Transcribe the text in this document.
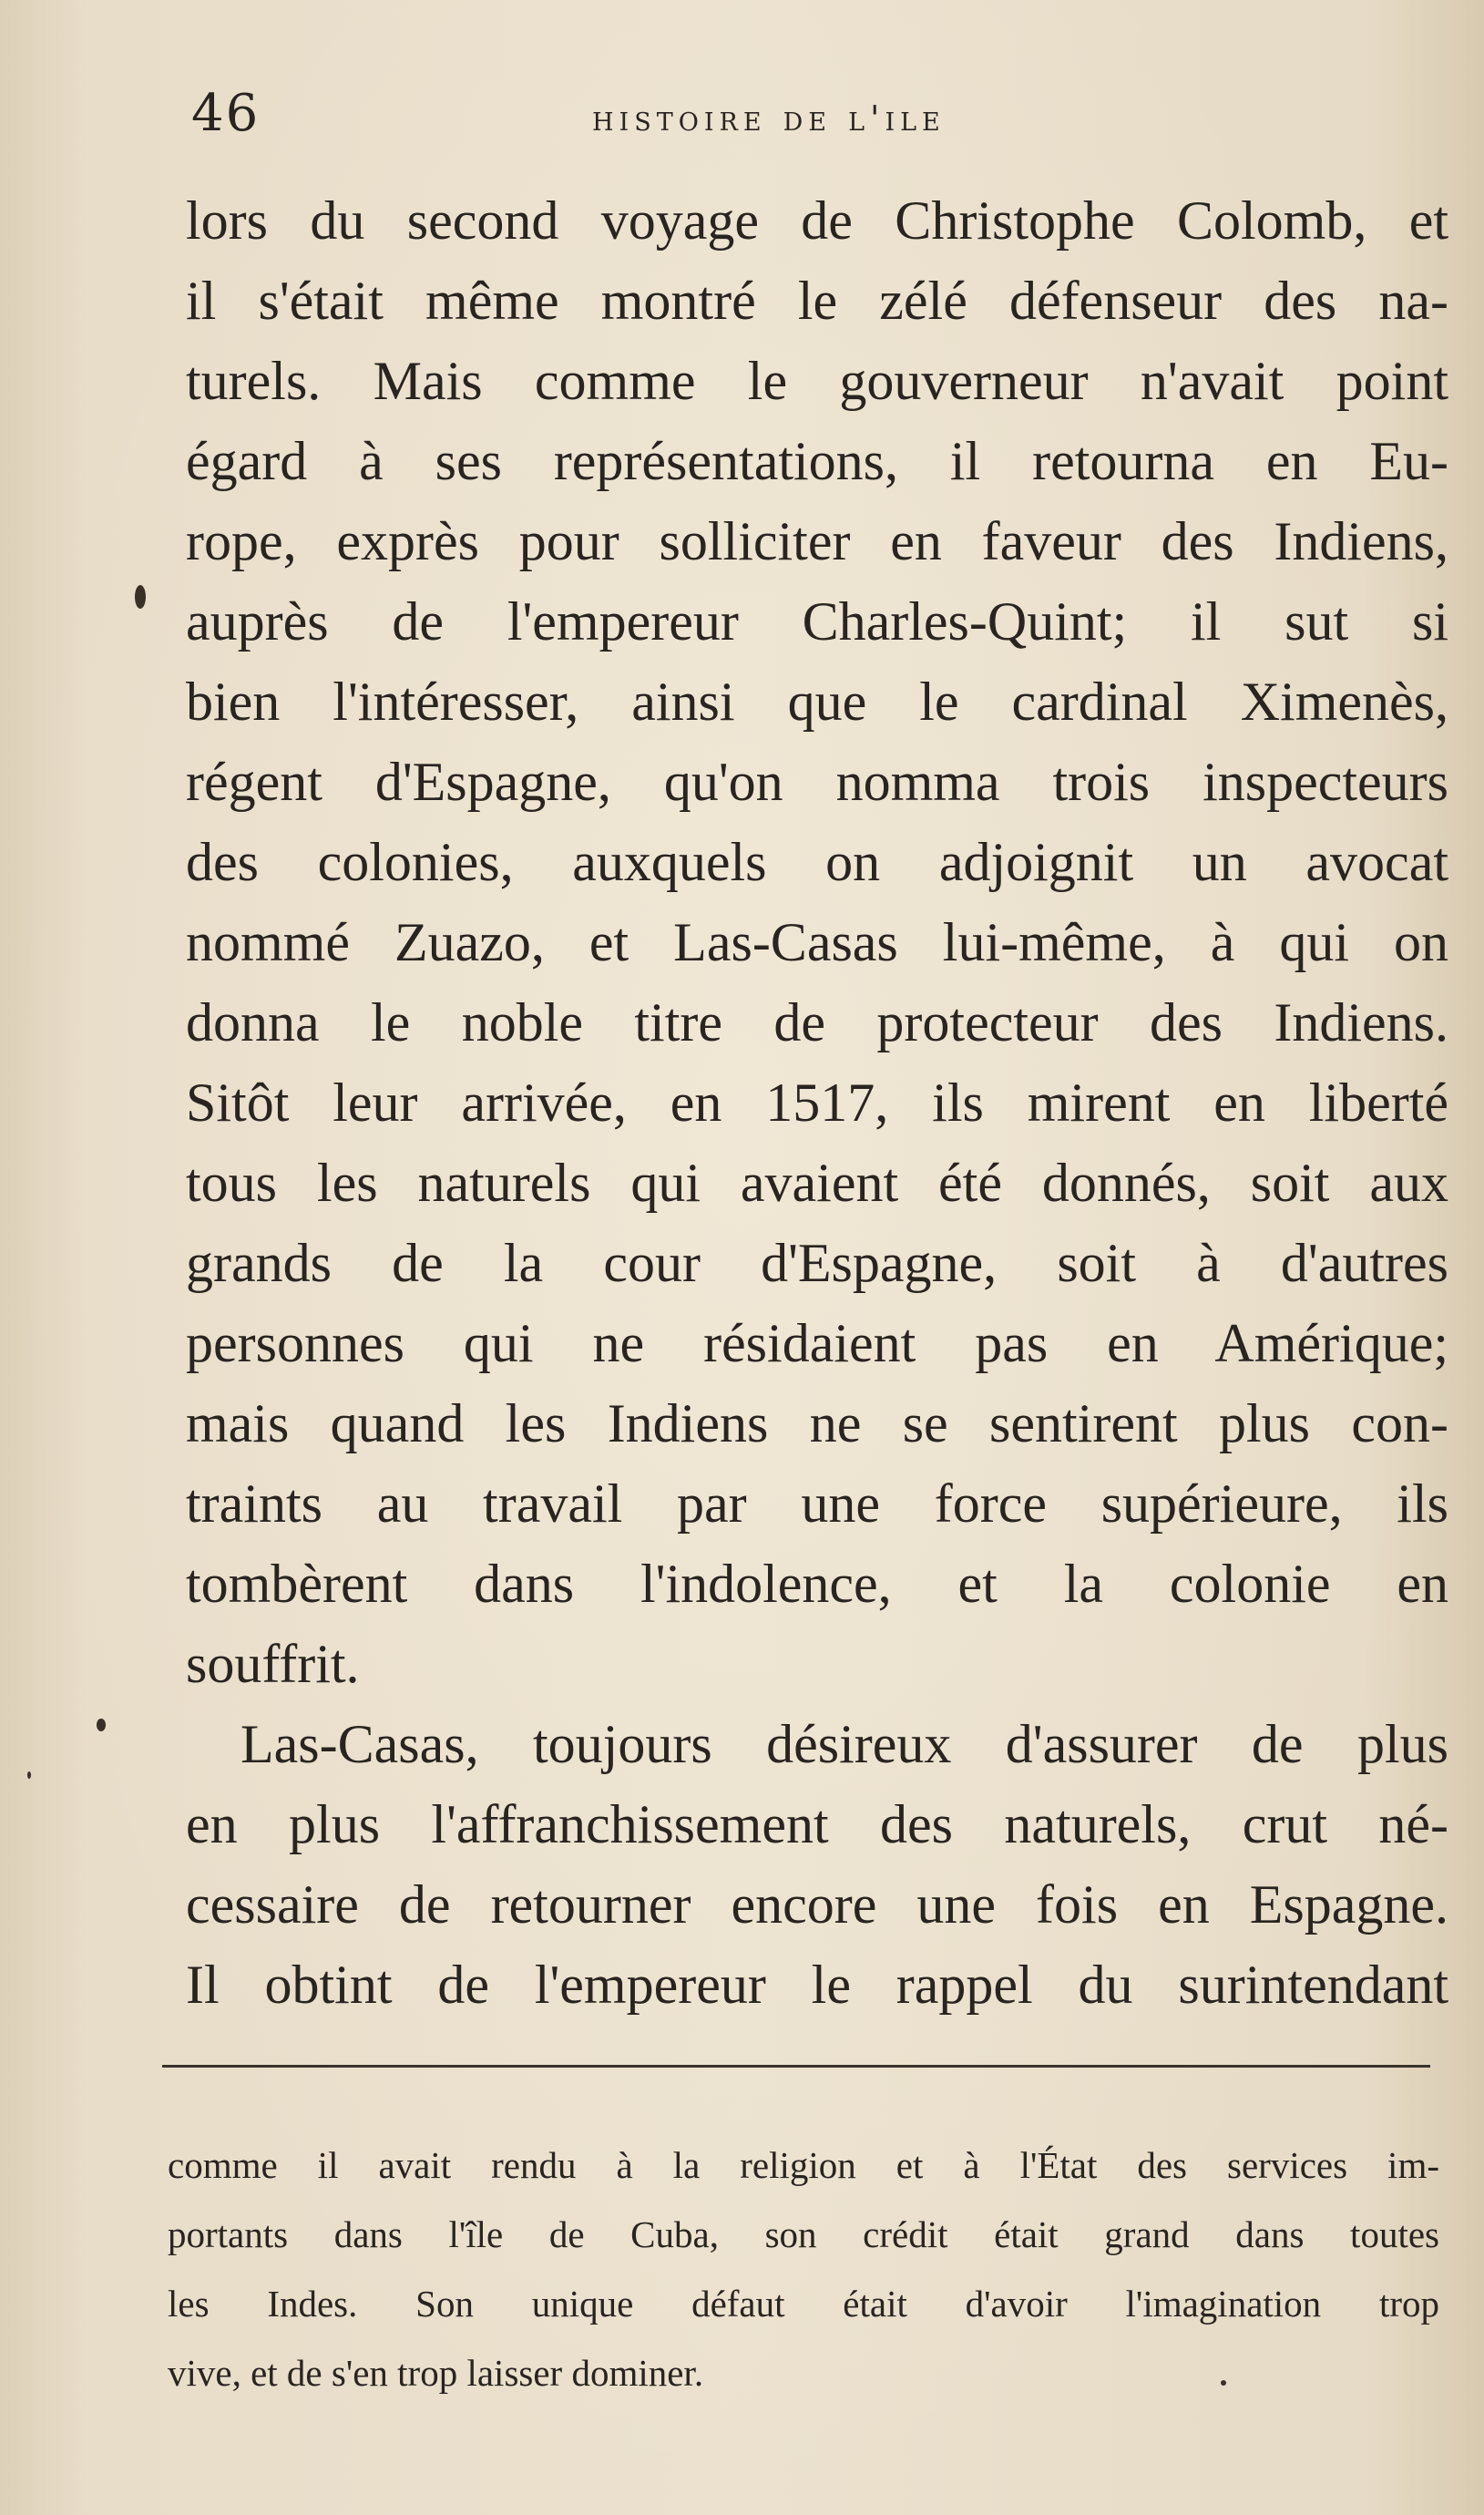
46	histoire de l'ile
lors du second voyage de Christophe Colomb, et
il s'était même montré le zélé défenseur des na-
turels. Mais comme le gouverneur n'avait point
égard à ses représentations, il retourna en Eu-
rope, exprès pour solliciter en faveur des Indiens,
auprès de l'empereur Charles-Quint; il sut si
bien l'intéresser, ainsi que le cardinal Ximenès,
régent d'Espagne, qu'on nomma trois inspecteurs
des colonies, auxquels on adjoignit un avocat
nommé Zuazo, et Las-Casas lui-même, à qui on
donna le noble titre de protecteur des Indiens.
Sitôt leur arrivée, en 1517, ils mirent en liberté
tous les naturels qui avaient été donnés, soit aux
grands de la cour d'Espagne, soit à d'autres
personnes qui ne résidaient pas en Amérique;
mais quand les Indiens ne se sentirent plus con-
traints au travail par une force supérieure, ils
tombèrent dans l'indolence, et la colonie en
souffrit.
Las-Casas, toujours désireux d'assurer de plus
en plus l'affranchissement des naturels, crut né-
cessaire de retourner encore une fois en Espagne.
Il obtint de l'empereur le rappel du surintendant
comme il avait rendu à la religion et à l'État des services im-
portants dans l'île de Cuba, son crédit était grand dans toutes
les Indes. Son unique défaut était d'avoir l'imagination trop
vive, et de s'en trop laisser dominer.
